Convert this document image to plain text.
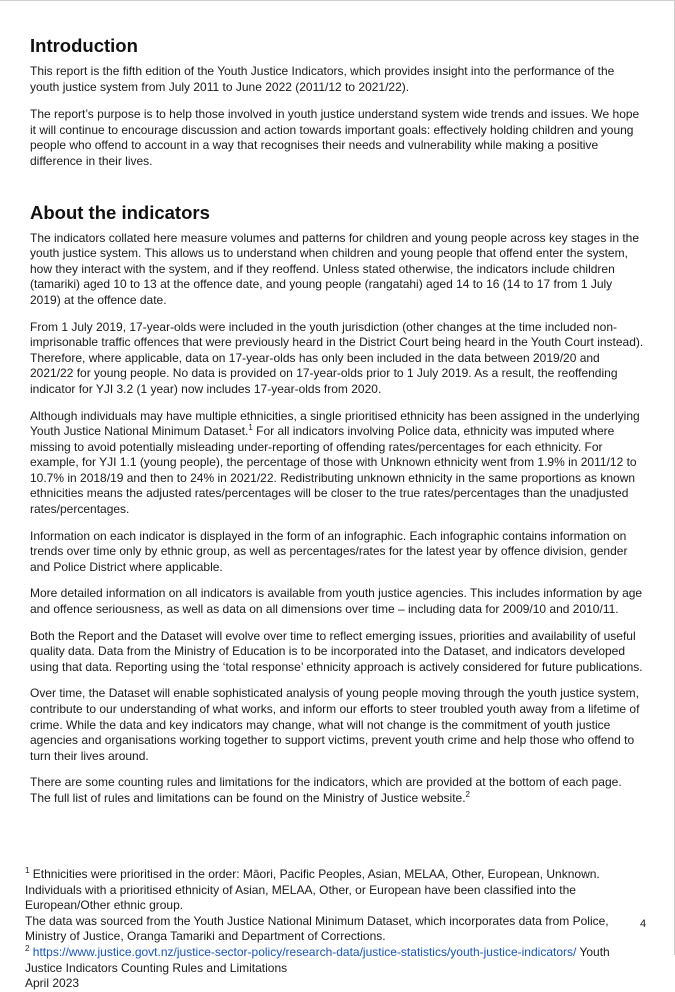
Introduction

This report is the fifth edition of the Youth Justice Indicators, which provides insight into the performance of the youth justice system from July 2011 to June 2022 (2011/12 to 2021/22).

The report’s purpose is to help those involved in youth justice understand system wide trends and issues. We hope it will continue to encourage discussion and action towards important goals: effectively holding children and young people who offend to account in a way that recognises their needs and vulnerability while making a positive difference in their lives.

About the indicators

The indicators collated here measure volumes and patterns for children and young people across key stages in the youth justice system. This allows us to understand when children and young people that offend enter the system, how they interact with the system, and if they reoffend. Unless stated otherwise, the indicators include children (tamariki) aged 10 to 13 at the offence date, and young people (rangatahi) aged 14 to 16 (14 to 17 from 1 July 2019) at the offence date.

From 1 July 2019, 17-year-olds were included in the youth jurisdiction (other changes at the time included non-imprisonable traffic offences that were previously heard in the District Court being heard in the Youth Court instead). Therefore, where applicable, data on 17-year-olds has only been included in the data between 2019/20 and 2021/22 for young people. No data is provided on 17-year-olds prior to 1 July 2019. As a result, the reoffending indicator for YJI 3.2 (1 year) now includes 17-year-olds from 2020.

Although individuals may have multiple ethnicities, a single prioritised ethnicity has been assigned in the underlying Youth Justice National Minimum Dataset.$^1$ For all indicators involving Police data, ethnicity was imputed where missing to avoid potentially misleading under-reporting of offending rates/percentages for each ethnicity. For example, for YJI 1.1 (young people), the percentage of those with Unknown ethnicity went from 1.9% in 2011/12 to 10.7% in 2018/19 and then to 24% in 2021/22. Redistributing unknown ethnicity in the same proportions as known ethnicities means the adjusted rates/percentages will be closer to the true rates/percentages than the unadjusted rates/percentages.

Information on each indicator is displayed in the form of an infographic. Each infographic contains information on trends over time only by ethnic group, as well as percentages/rates for the latest year by offence division, gender and Police District where applicable.

More detailed information on all indicators is available from youth justice agencies. This includes information by age and offence seriousness, as well as data on all dimensions over time – including data for 2009/10 and 2010/11.

Both the Report and the Dataset will evolve over time to reflect emerging issues, priorities and availability of useful quality data. Data from the Ministry of Education is to be incorporated into the Dataset, and indicators developed using that data. Reporting using the ‘total response’ ethnicity approach is actively considered for future publications.

Over time, the Dataset will enable sophisticated analysis of young people moving through the youth justice system, contribute to our understanding of what works, and inform our efforts to steer troubled youth away from a lifetime of crime. While the data and key indicators may change, what will not change is the commitment of youth justice agencies and organisations working together to support victims, prevent youth crime and help those who offend to turn their lives around.

There are some counting rules and limitations for the indicators, which are provided at the bottom of each page. The full list of rules and limitations can be found on the Ministry of Justice website.$^2$

$^1$ Ethnicities were prioritised in the order: Māori, Pacific Peoples, Asian, MELAA, Other, European, Unknown. Individuals with a prioritised ethnicity of Asian, MELAA, Other, or European have been classified into the European/Other ethnic group.

The data was sourced from the Youth Justice National Minimum Dataset, which incorporates data from Police, Ministry of Justice, Oranga Tamariki and Department of Corrections.

$^2$ https://www.justice.govt.nz/justice-sector-policy/research-data/justice-statistics/youth-justice-indicators/ Youth Justice Indicators Counting Rules and Limitations

April 2023

4
